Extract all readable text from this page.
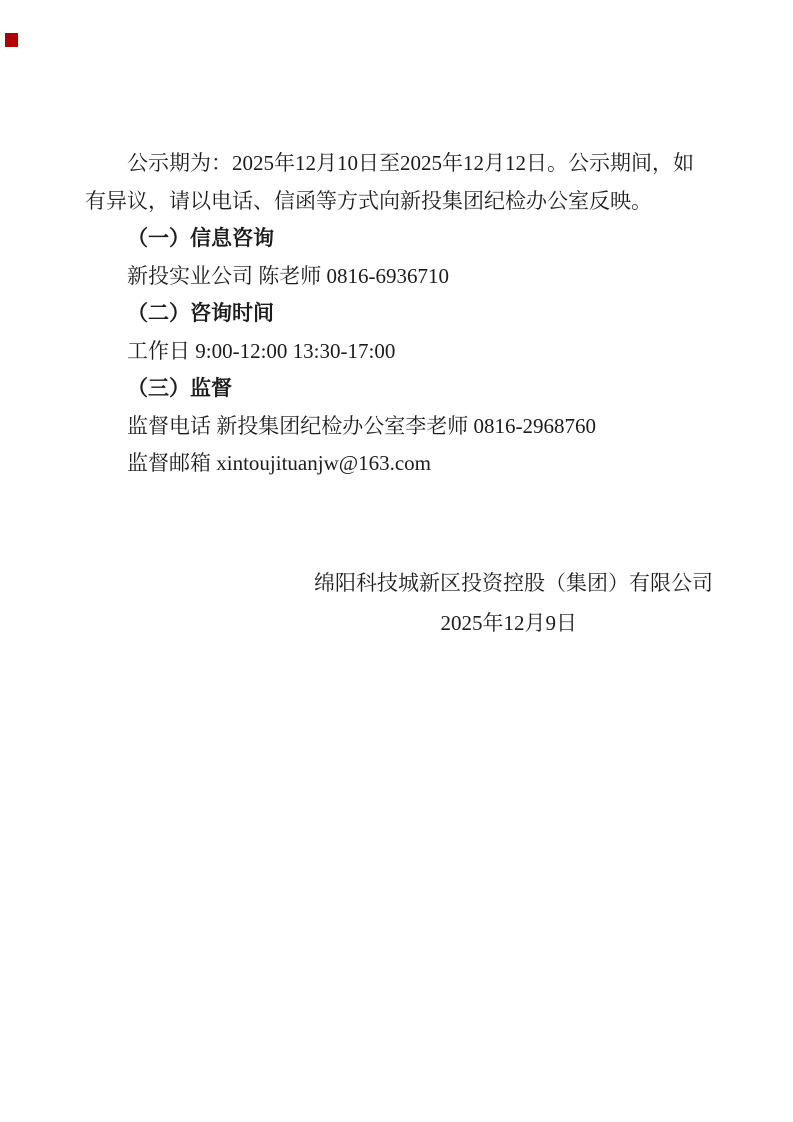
公示期为：2025年12月10日至2025年12月12日。公示期间，如
有异议，请以电话、信函等方式向新投集团纪检办公室反映。
（一）信息咨询
新投实业公司 陈老师 0816-6936710
（二）咨询时间
工作日 9:00-12:00 13:30-17:00
（三）监督
监督电话 新投集团纪检办公室李老师 0816-2968760
监督邮箱 xintoujituanjw@163.com
绵阳科技城新区投资控股（集团）有限公司
2025年12月9日
